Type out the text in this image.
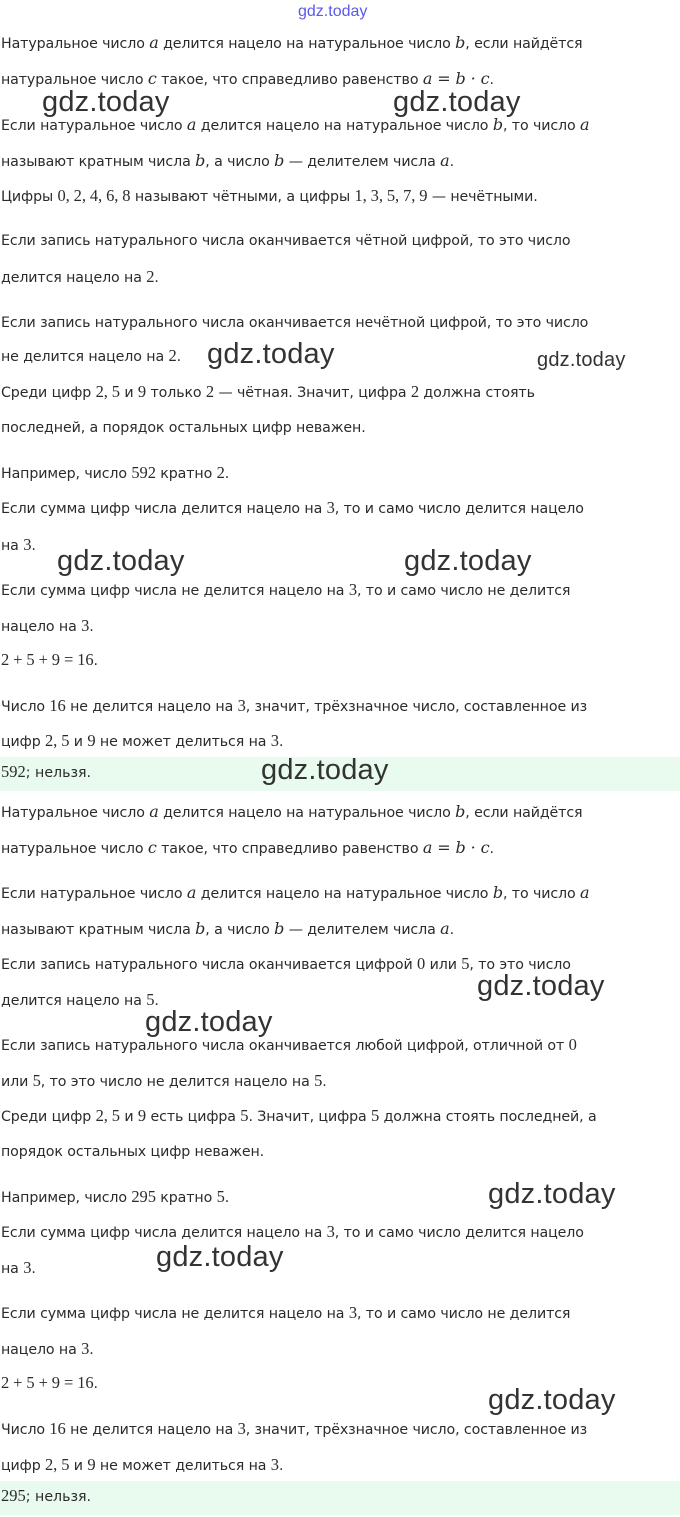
gdz.today
Натуральное число a делится нацело на натуральное число b, если найдётся
натуральное число c такое, что справедливо равенство a = b · c.
Если натуральное число a делится нацело на натуральное число b, то число a
называют кратным числа b, а число b — делителем числа a.
Цифры 0, 2, 4, 6, 8 называют чётными, а цифры 1, 3, 5, 7, 9 — нечётными.
Если запись натурального числа оканчивается чётной цифрой, то это число
делится нацело на 2.
Если запись натурального числа оканчивается нечётной цифрой, то это число
не делится нацело на 2.
Среди цифр 2, 5 и 9 только 2 — чётная. Значит, цифра 2 должна стоять
последней, а порядок остальных цифр неважен.
Например, число 592 кратно 2.
Если сумма цифр числа делится нацело на 3, то и само число делится нацело
на 3.
Если сумма цифр числа не делится нацело на 3, то и само число не делится
нацело на 3.
2 + 5 + 9 = 16.
Число 16 не делится нацело на 3, значит, трёхзначное число, составленное из
цифр 2, 5 и 9 не может делиться на 3.
Натуральное число a делится нацело на натуральное число b, если найдётся
натуральное число c такое, что справедливо равенство a = b · c.
Если натуральное число a делится нацело на натуральное число b, то число a
называют кратным числа b, а число b — делителем числа a.
Если запись натурального числа оканчивается цифрой 0 или 5, то это число
делится нацело на 5.
Если запись натурального числа оканчивается любой цифрой, отличной от 0
или 5, то это число не делится нацело на 5.
Среди цифр 2, 5 и 9 есть цифра 5. Значит, цифра 5 должна стоять последней, а
порядок остальных цифр неважен.
Например, число 295 кратно 5.
Если сумма цифр числа делится нацело на 3, то и само число делится нацело
на 3.
Если сумма цифр числа не делится нацело на 3, то и само число не делится
нацело на 3.
2 + 5 + 9 = 16.
Число 16 не делится нацело на 3, значит, трёхзначное число, составленное из
цифр 2, 5 и 9 не может делиться на 3.
592; нельзя.
295; нельзя.
gdz.today	gdz.today
gdz.today	gdz.today
gdz.today	gdz.today
gdz.today
gdz.today
gdz.today
gdz.today
gdz.today
gdz.today
